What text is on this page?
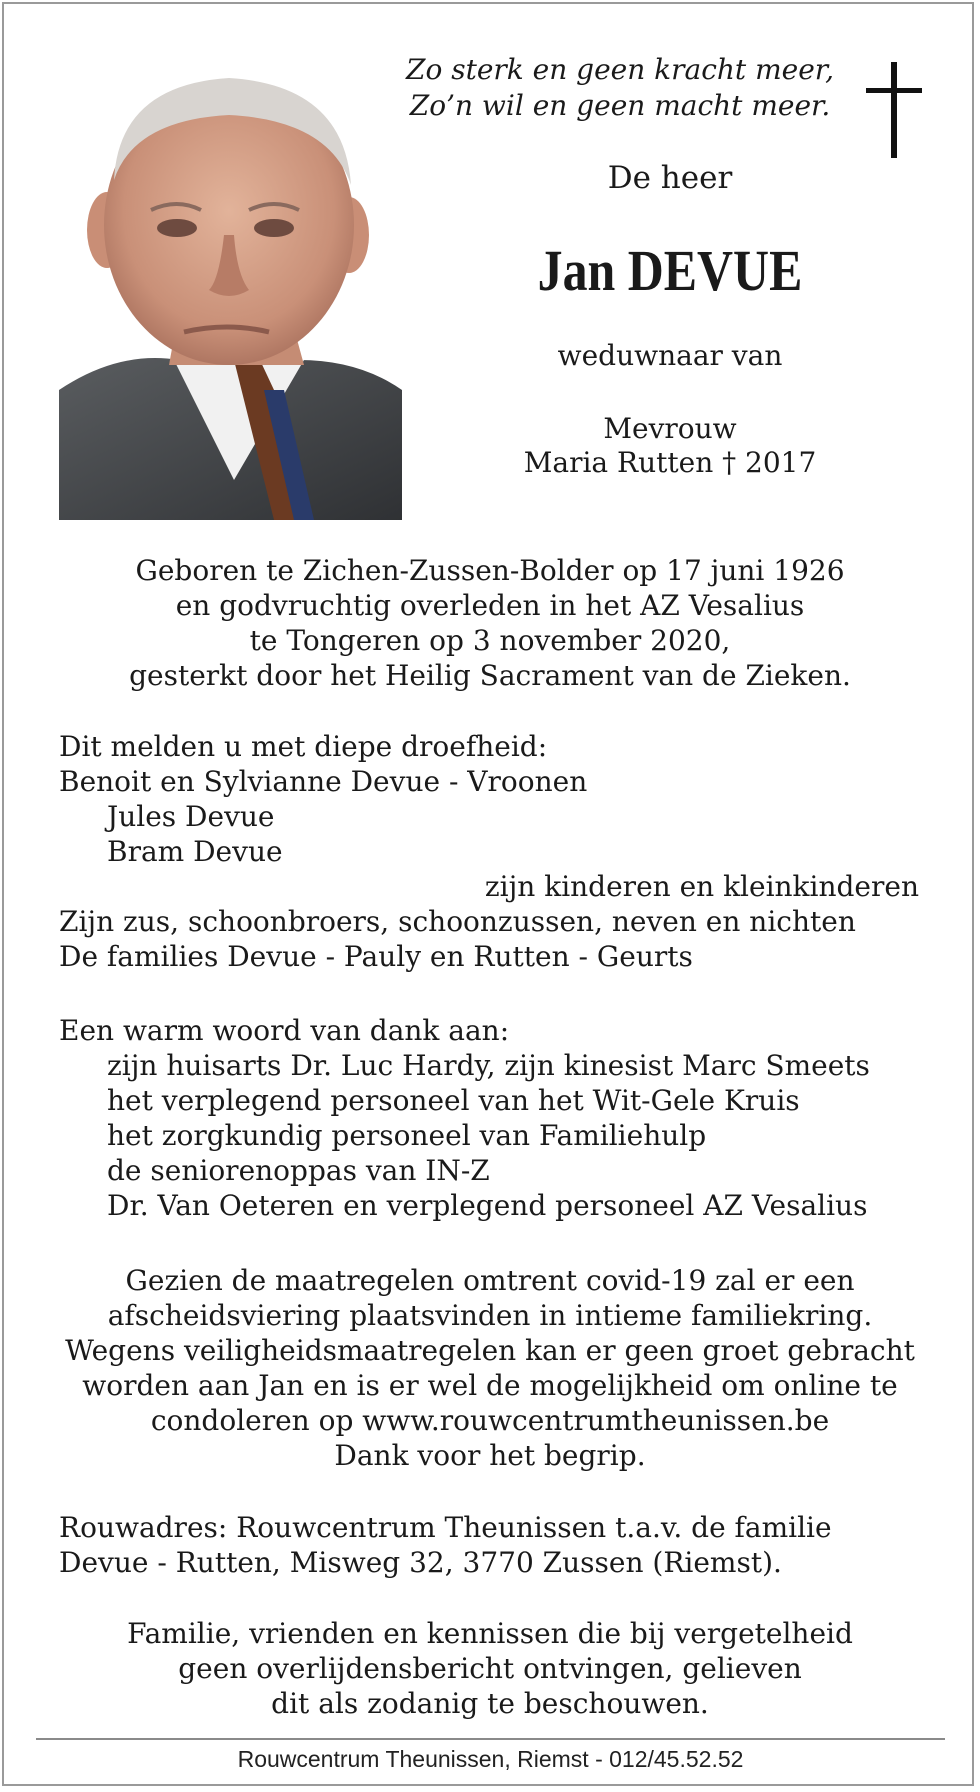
Zo sterk en geen kracht meer,
Zo’n wil en geen macht meer.
De heer
Jan DEVUE
weduwnaar van
Mevrouw
Maria Rutten † 2017
Geboren te Zichen-Zussen-Bolder op 17 juni 1926
en godvruchtig overleden in het AZ Vesalius
te Tongeren op 3 november 2020,
gesterkt door het Heilig Sacrament van de Zieken.
Dit melden u met diepe droefheid:
Benoit en Sylvianne Devue - Vroonen
Jules Devue
Bram Devue
zijn kinderen en kleinkinderen
Zijn zus, schoonbroers, schoonzussen, neven en nichten
De families Devue - Pauly en Rutten - Geurts
Een warm woord van dank aan:
zijn huisarts Dr. Luc Hardy, zijn kinesist Marc Smeets
het verplegend personeel van het Wit-Gele Kruis
het zorgkundig personeel van Familiehulp
de seniorenoppas van IN-Z
Dr. Van Oeteren en verplegend personeel AZ Vesalius
Gezien de maatregelen omtrent covid-19 zal er een
afscheidsviering plaatsvinden in intieme familiekring.
Wegens veiligheidsmaatregelen kan er geen groet gebracht
worden aan Jan en is er wel de mogelijkheid om online te
condoleren op www.rouwcentrumtheunissen.be
Dank voor het begrip.
Rouwadres: Rouwcentrum Theunissen t.a.v. de familie
Devue - Rutten, Misweg 32, 3770 Zussen (Riemst).
Familie, vrienden en kennissen die bij vergetelheid
geen overlijdensbericht ontvingen, gelieven
dit als zodanig te beschouwen.
Rouwcentrum Theunissen, Riemst - 012/45.52.52
